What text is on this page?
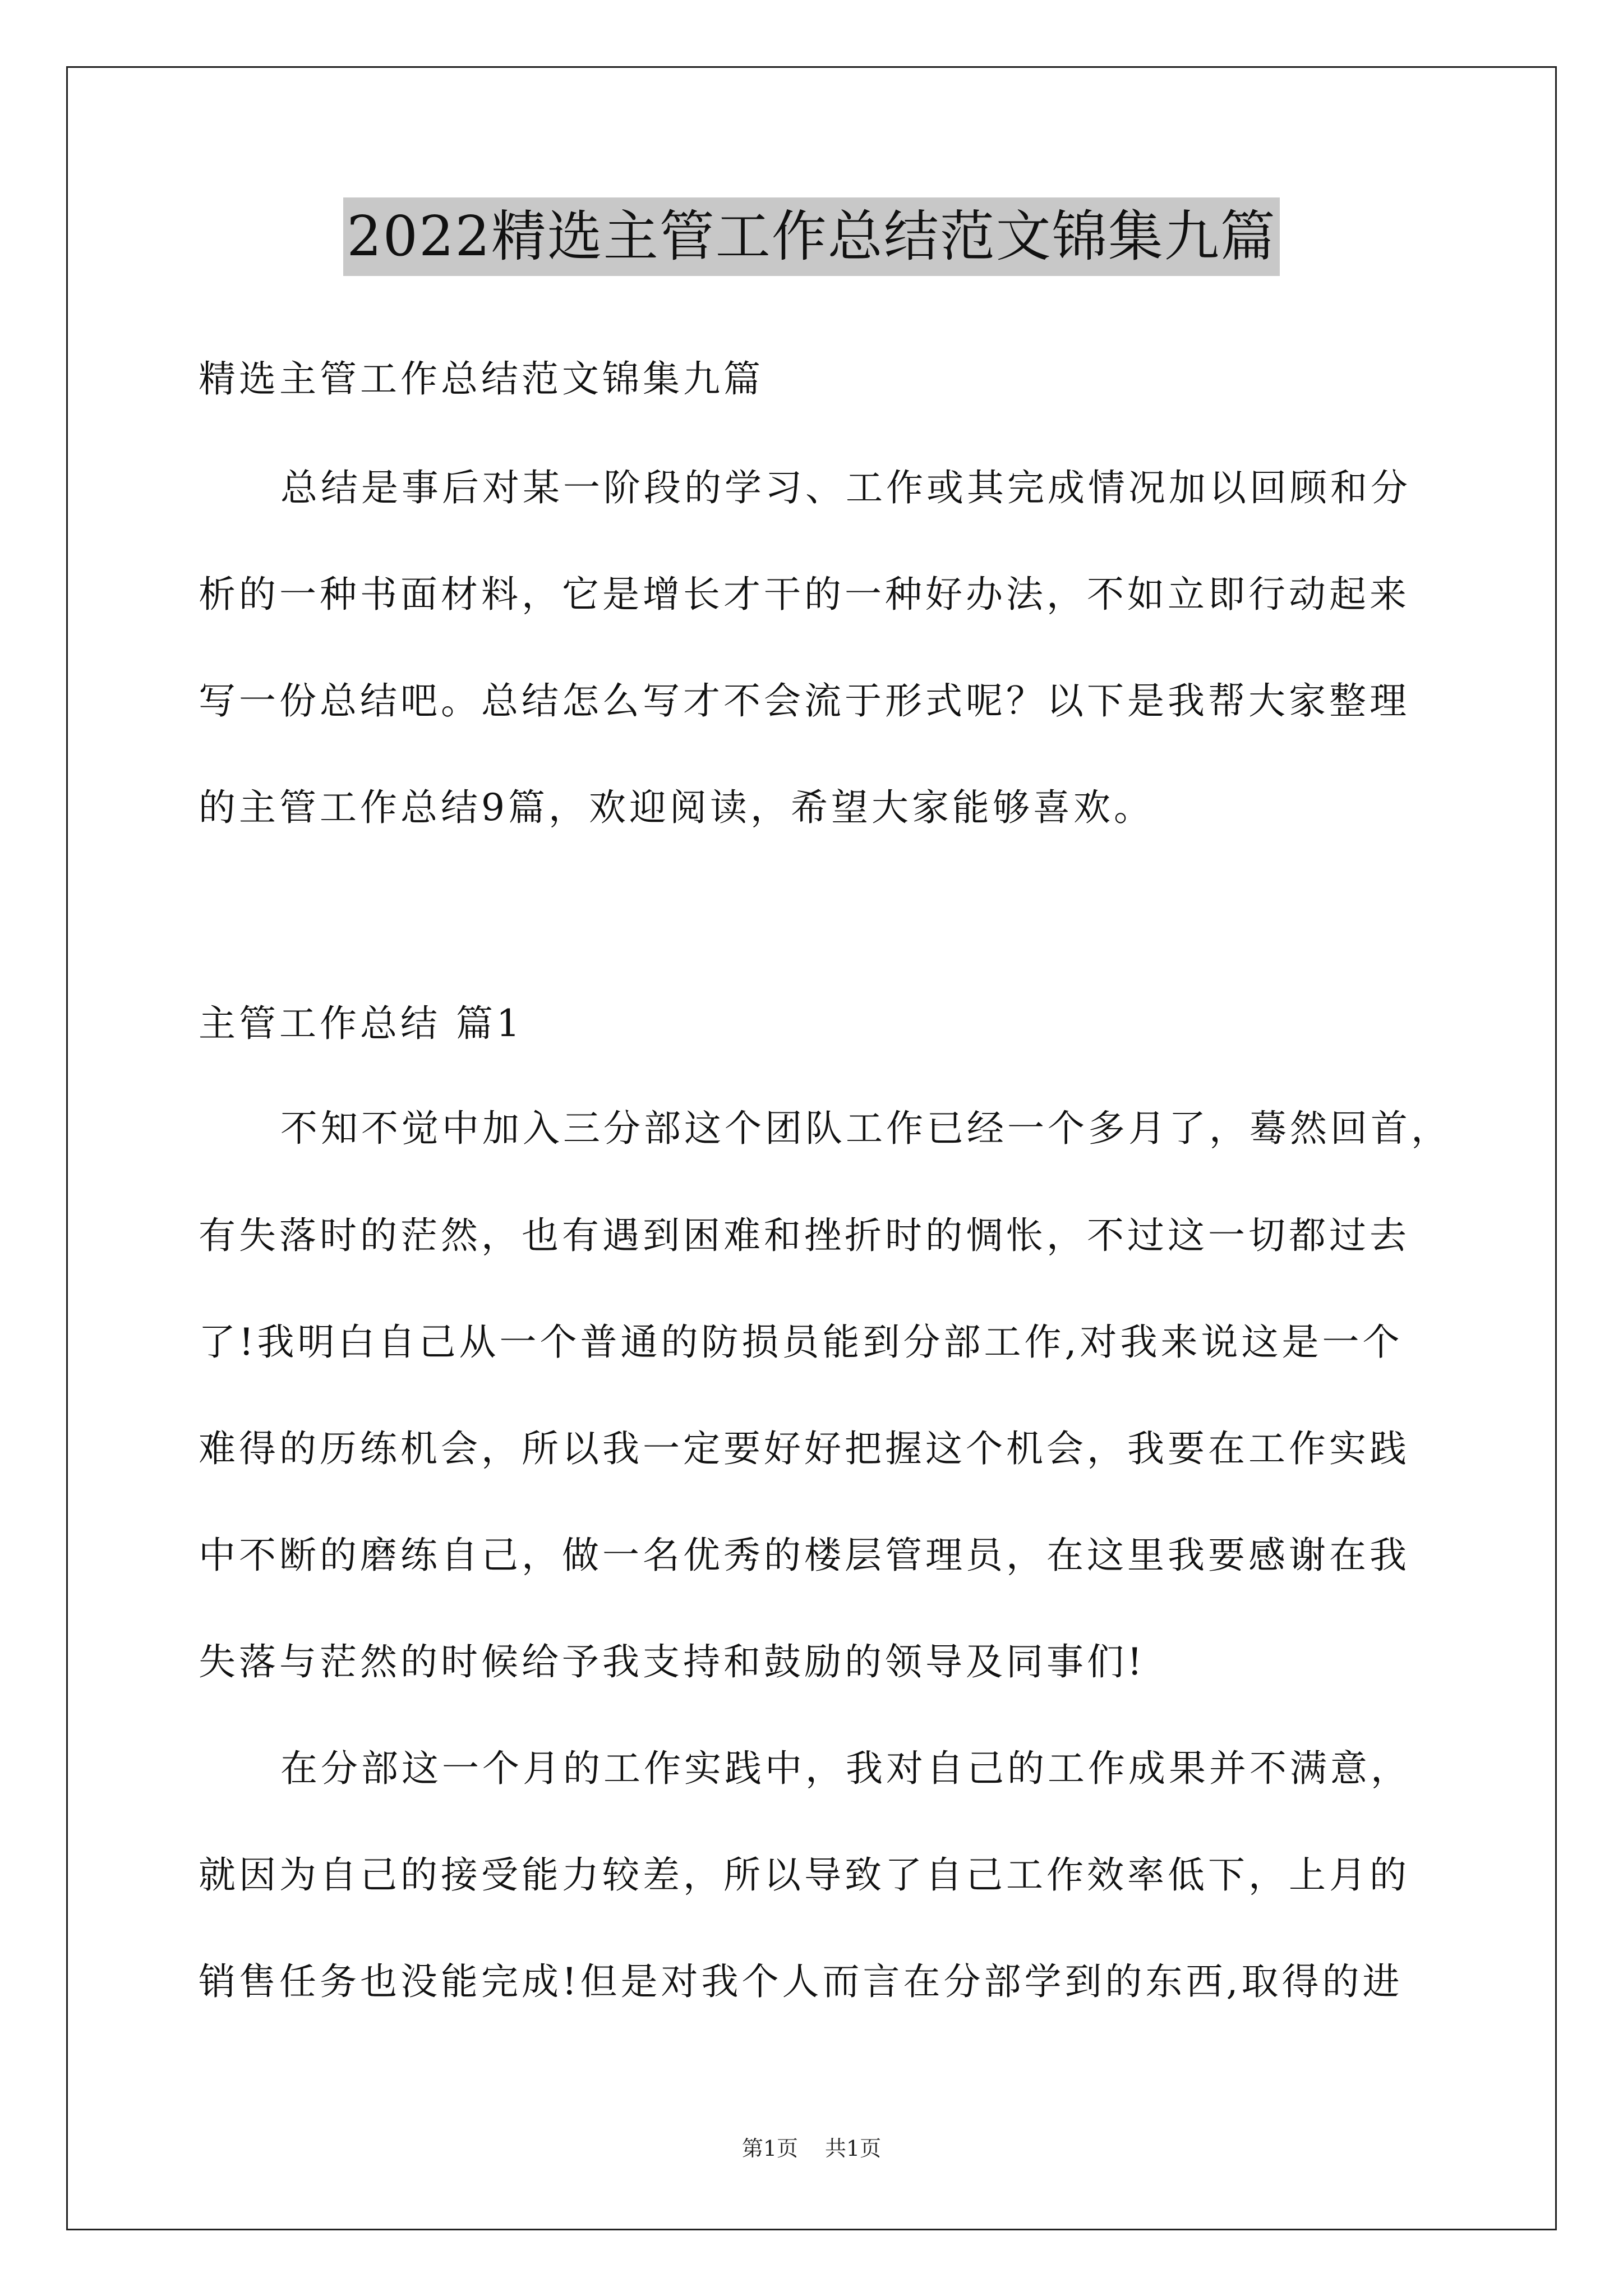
2022精选主管工作总结范文锦集九篇
精选主管工作总结范文锦集九篇
总结是事后对某一阶段的学习、工作或其完成情况加以回顾和分
析的一种书面材料，它是增长才干的一种好办法，不如立即行动起来
写一份总结吧。总结怎么写才不会流于形式呢？以下是我帮大家整理
的主管工作总结9篇，欢迎阅读，希望大家能够喜欢。
主管工作总结 篇1
不知不觉中加入三分部这个团队工作已经一个多月了，蓦然回首，
有失落时的茫然，也有遇到困难和挫折时的惆怅，不过这一切都过去
了!我明白自己从一个普通的防损员能到分部工作,对我来说这是一个
难得的历练机会，所以我一定要好好把握这个机会，我要在工作实践
中不断的磨练自己，做一名优秀的楼层管理员，在这里我要感谢在我
失落与茫然的时候给予我支持和鼓励的领导及同事们!
在分部这一个月的工作实践中，我对自己的工作成果并不满意，
就因为自己的接受能力较差，所以导致了自己工作效率低下，上月的
销售任务也没能完成!但是对我个人而言在分部学到的东西,取得的进
第1页 共1页
